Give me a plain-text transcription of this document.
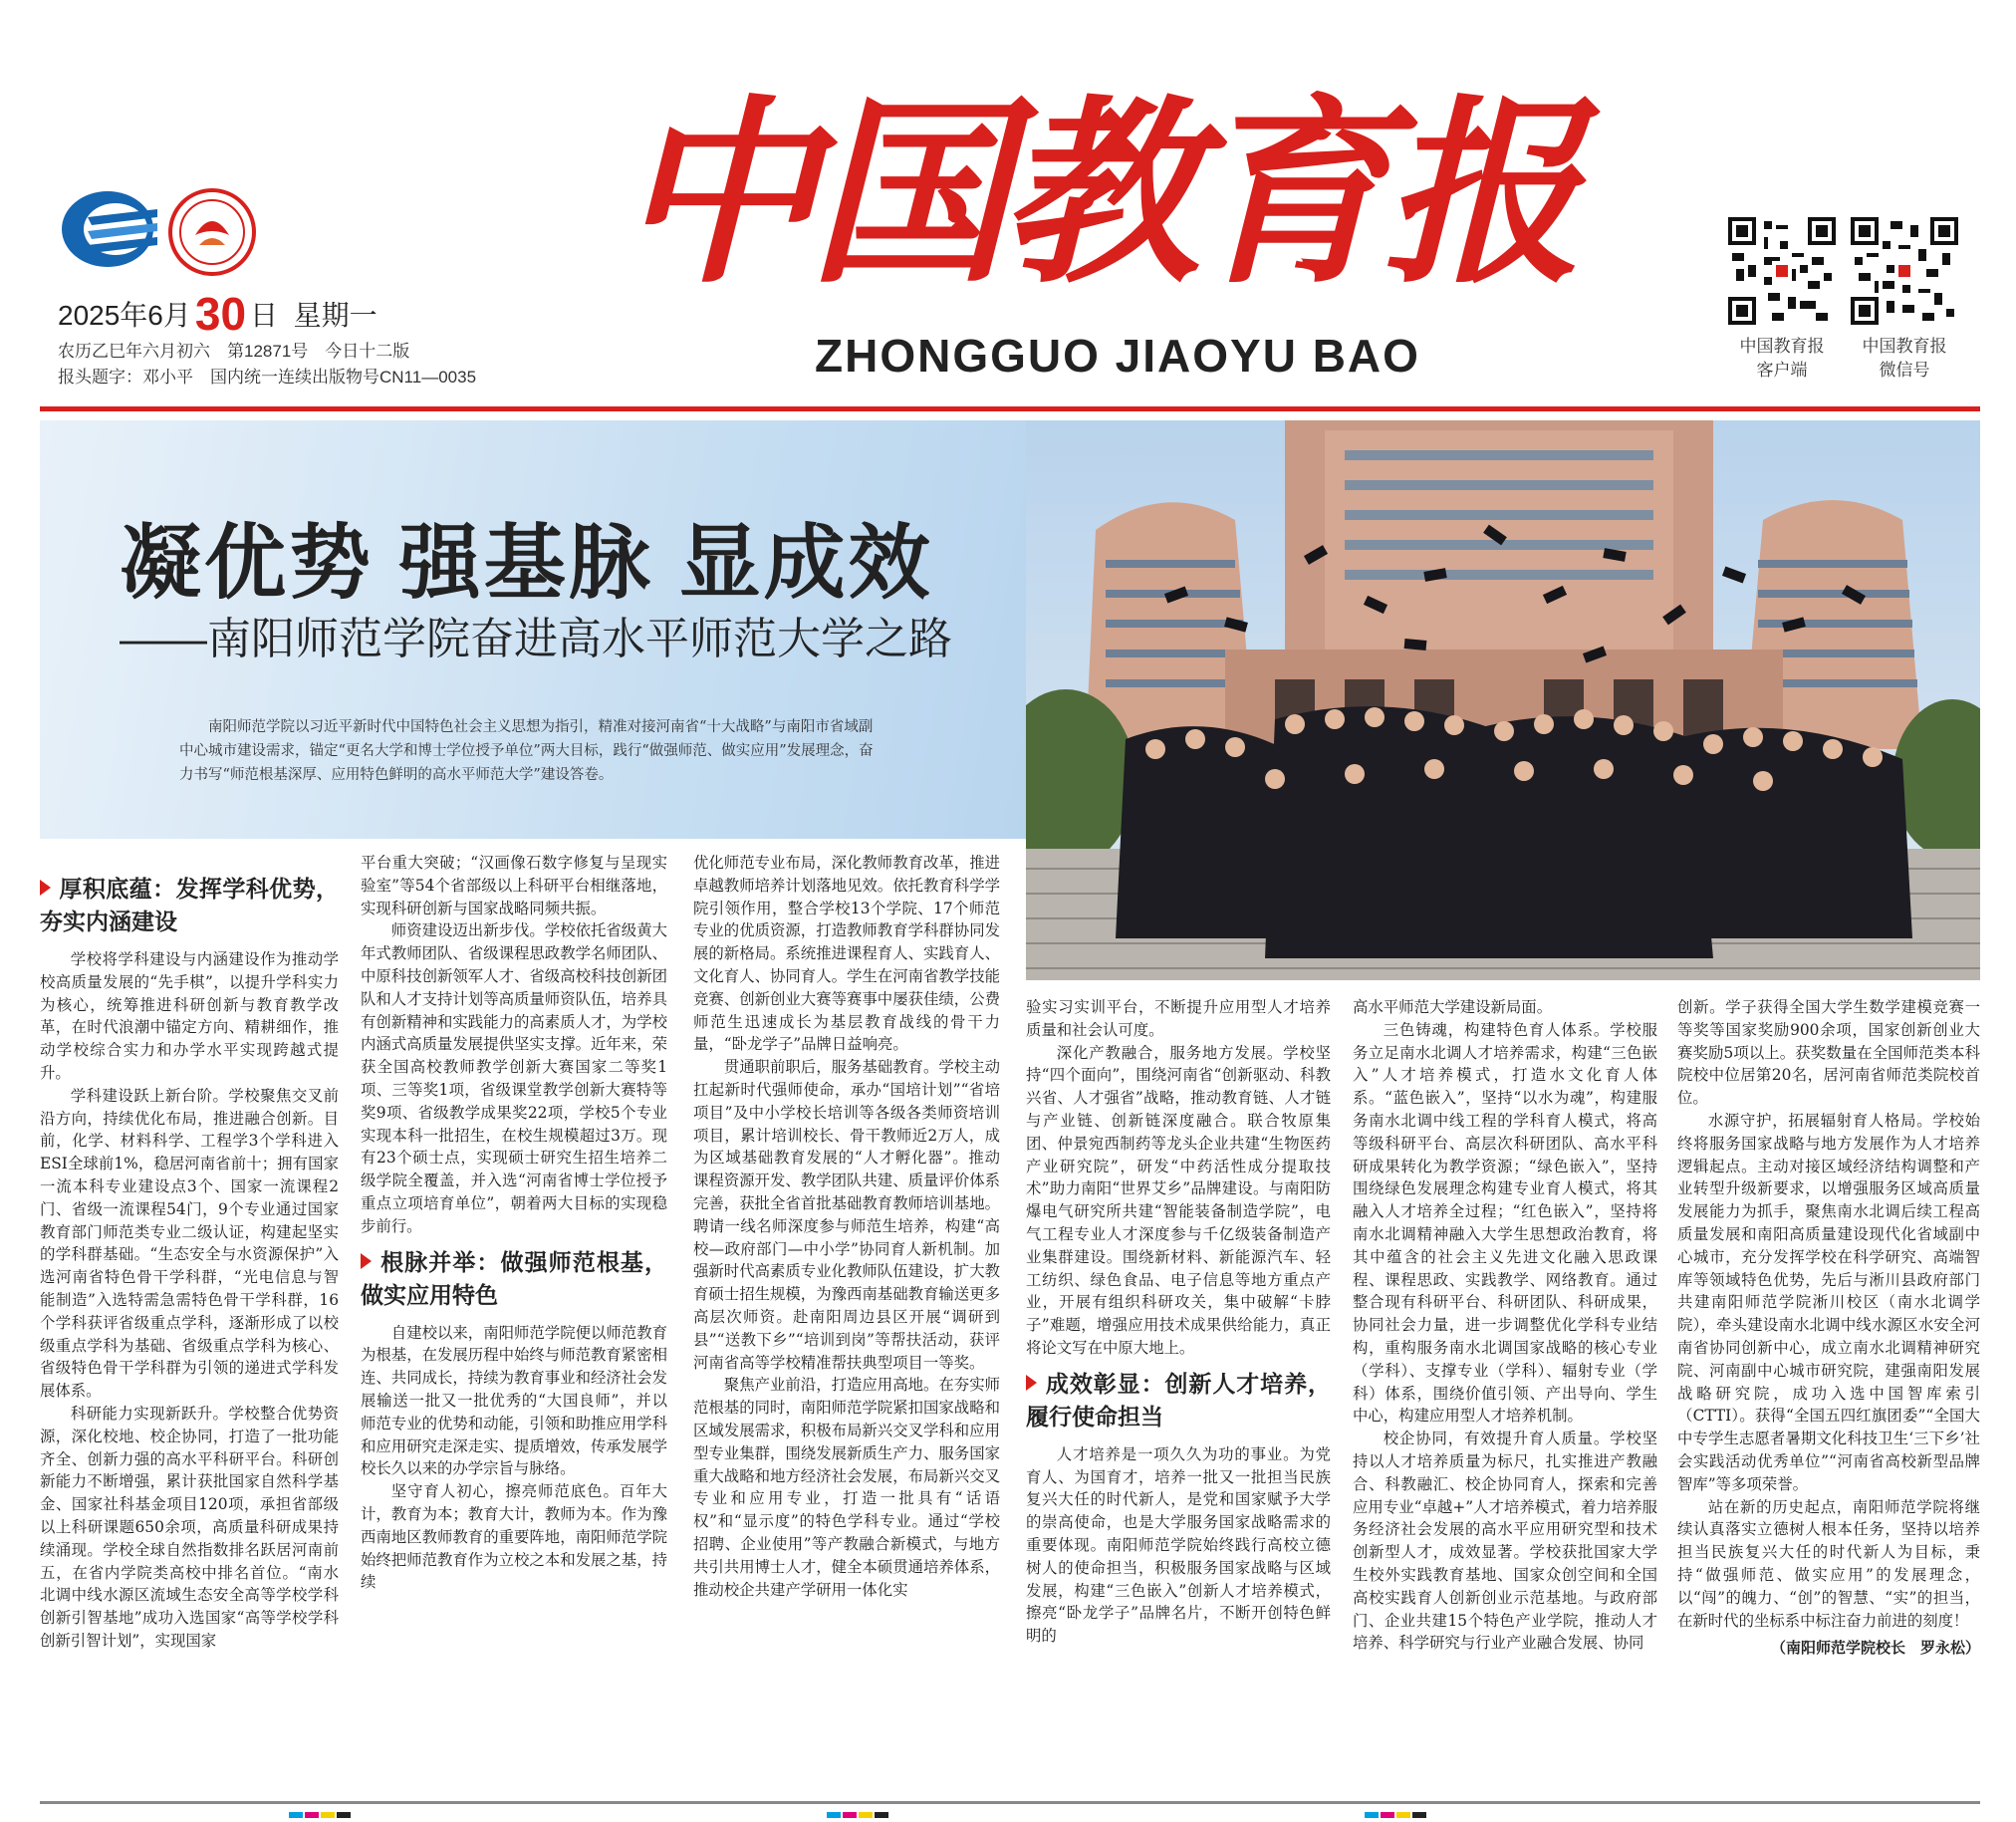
中国教育报
ZHONGGUO JIAOYU BAO
2025年6月30 日 星期一
农历乙巳年六月初六　第12871号　今日十二版
报头题字：邓小平　国内统一连续出版物号CN11—0035
中国教育报
客户端
中国教育报
微信号
凝优势 强基脉 显成效
——南阳师范学院奋进高水平师范大学之路
南阳师范学院以习近平新时代中国特色社会主义思想为指引，精准对接河南省“十大战略”与南阳市省域副中心城市建设需求，锚定“更名大学和博士学位授予单位”两大目标，践行“做强师范、做实应用”发展理念，奋力书写“师范根基深厚、应用特色鲜明的高水平师范大学”建设答卷。
厚积底蕴：发挥学科优势，夯实内涵建设

学校将学科建设与内涵建设作为推动学校高质量发展的“先手棋”，以提升学科实力为核心，统筹推进科研创新与教育教学改革，在时代浪潮中锚定方向、精耕细作，推动学校综合实力和办学水平实现跨越式提升。

学科建设跃上新台阶。学校聚焦交叉前沿方向，持续优化布局，推进融合创新。目前，化学、材料科学、工程学3个学科进入ESI全球前1%，稳居河南省前十；拥有国家一流本科专业建设点3个、国家一流课程2门、省级一流课程54门，9个专业通过国家教育部门师范类专业二级认证，构建起坚实的学科群基础。“生态安全与水资源保护”入选河南省特色骨干学科群，“光电信息与智能制造”入选特需急需特色骨干学科群，16个学科获评省级重点学科，逐渐形成了以校级重点学科为基础、省级重点学科为核心、省级特色骨干学科群为引领的递进式学科发展体系。

科研能力实现新跃升。学校整合优势资源，深化校地、校企协同，打造了一批功能齐全、创新力强的高水平科研平台。科研创新能力不断增强，累计获批国家自然科学基金、国家社科基金项目120项，承担省部级以上科研课题650余项，高质量科研成果持续涌现。学校全球自然指数排名跃居河南前五，在省内学院类高校中排名首位。“南水北调中线水源区流域生态安全高等学校学科创新引智基地”成功入选国家“高等学校学科创新引智计划”，实现国家

平台重大突破；“汉画像石数字修复与呈现实验室”等54个省部级以上科研平台相继落地，实现科研创新与国家战略同频共振。

师资建设迈出新步伐。学校依托省级黄大年式教师团队、省级课程思政教学名师团队、中原科技创新领军人才、省级高校科技创新团队和人才支持计划等高质量师资队伍，培养具有创新精神和实践能力的高素质人才，为学校内涵式高质量发展提供坚实支撑。近年来，荣获全国高校教师教学创新大赛国家二等奖1项、三等奖1项，省级课堂教学创新大赛特等奖9项、省级教学成果奖22项，学校5个专业实现本科一批招生，在校生规模超过3万。现有23个硕士点，实现硕士研究生招生培养二级学院全覆盖，并入选“河南省博士学位授予重点立项培育单位”，朝着两大目标的实现稳步前行。

根脉并举：做强师范根基，做实应用特色

自建校以来，南阳师范学院便以师范教育为根基，在发展历程中始终与师范教育紧密相连、共同成长，持续为教育事业和经济社会发展输送一批又一批优秀的“大国良师”，并以师范专业的优势和动能，引领和助推应用学科和应用研究走深走实、提质增效，传承发展学校长久以来的办学宗旨与脉络。

坚守育人初心，擦亮师范底色。百年大计，教育为本；教育大计，教师为本。作为豫西南地区教师教育的重要阵地，南阳师范学院始终把师范教育作为立校之本和发展之基，持续

优化师范专业布局，深化教师教育改革，推进卓越教师培养计划落地见效。依托教育科学学院引领作用，整合学校13个学院、17个师范专业的优质资源，打造教师教育学科群协同发展的新格局。系统推进课程育人、实践育人、文化育人、协同育人。学生在河南省教学技能竞赛、创新创业大赛等赛事中屡获佳绩，公费师范生迅速成长为基层教育战线的骨干力量，“卧龙学子”品牌日益响亮。

贯通职前职后，服务基础教育。学校主动扛起新时代强师使命，承办“国培计划”“省培项目”及中小学校长培训等各级各类师资培训项目，累计培训校长、骨干教师近2万人，成为区域基础教育发展的“人才孵化器”。推动课程资源开发、教学团队共建、质量评价体系完善，获批全省首批基础教育教师培训基地。聘请一线名师深度参与师范生培养，构建“高校—政府部门—中小学”协同育人新机制。加强新时代高素质专业化教师队伍建设，扩大教育硕士招生规模，为豫西南基础教育输送更多高层次师资。赴南阳周边县区开展“调研到县”“送教下乡”“培训到岗”等帮扶活动，获评河南省高等学校精准帮扶典型项目一等奖。

聚焦产业前沿，打造应用高地。在夯实师范根基的同时，南阳师范学院紧扣国家战略和区域发展需求，积极布局新兴交叉学科和应用型专业集群，围绕发展新质生产力、服务国家重大战略和地方经济社会发展，布局新兴交叉专业和应用专业，打造一批具有“话语权”和“显示度”的特色学科专业。通过“学校招聘、企业使用”等产教融合新模式，与地方共引共用博士人才，健全本硕贯通培养体系，推动校企共建产学研用一体化实

验实习实训平台，不断提升应用型人才培养质量和社会认可度。

深化产教融合，服务地方发展。学校坚持“四个面向”，围绕河南省“创新驱动、科教兴省、人才强省”战略，推动教育链、人才链与产业链、创新链深度融合。联合牧原集团、仲景宛西制药等龙头企业共建“生物医药产业研究院”，研发“中药活性成分提取技术”助力南阳“世界艾乡”品牌建设。与南阳防爆电气研究所共建“智能装备制造学院”，电气工程专业人才深度参与千亿级装备制造产业集群建设。围绕新材料、新能源汽车、轻工纺织、绿色食品、电子信息等地方重点产业，开展有组织科研攻关，集中破解“卡脖子”难题，增强应用技术成果供给能力，真正将论文写在中原大地上。

成效彰显：创新人才培养，履行使命担当

人才培养是一项久久为功的事业。为党育人、为国育才，培养一批又一批担当民族复兴大任的时代新人，是党和国家赋予大学的崇高使命，也是大学服务国家战略需求的重要体现。南阳师范学院始终践行高校立德树人的使命担当，积极服务国家战略与区域发展，构建“三色嵌入”创新人才培养模式，擦亮“卧龙学子”品牌名片，不断开创特色鲜明的

高水平师范大学建设新局面。

三色铸魂，构建特色育人体系。学校服务立足南水北调人才培养需求，构建“三色嵌入”人才培养模式，打造水文化育人体系。“蓝色嵌入”，坚持“以水为魂”，构建服务南水北调中线工程的学科育人模式，将高等级科研平台、高层次科研团队、高水平科研成果转化为教学资源；“绿色嵌入”，坚持围绕绿色发展理念构建专业育人模式，将其融入人才培养全过程；“红色嵌入”，坚持将南水北调精神融入大学生思想政治教育，将其中蕴含的社会主义先进文化融入思政课程、课程思政、实践教学、网络教育。通过整合现有科研平台、科研团队、科研成果，协同社会力量，进一步调整优化学科专业结构，重构服务南水北调国家战略的核心专业（学科）、支撑专业（学科）、辐射专业（学科）体系，围绕价值引领、产出导向、学生中心，构建应用型人才培养机制。

校企协同，有效提升育人质量。学校坚持以人才培养质量为标尺，扎实推进产教融合、科教融汇、校企协同育人，探索和完善应用专业“卓越+”人才培养模式，着力培养服务经济社会发展的高水平应用研究型和技术创新型人才，成效显著。学校获批国家大学生校外实践教育基地、国家众创空间和全国高校实践育人创新创业示范基地。与政府部门、企业共建15个特色产业学院，推动人才培养、科学研究与行业产业融合发展、协同

创新。学子获得全国大学生数学建模竞赛一等奖等国家奖励900余项，国家创新创业大赛奖励5项以上。获奖数量在全国师范类本科院校中位居第20名，居河南省师范类院校首位。

水源守护，拓展辐射育人格局。学校始终将服务国家战略与地方发展作为人才培养逻辑起点。主动对接区域经济结构调整和产业转型升级新要求，以增强服务区域高质量发展能力为抓手，聚焦南水北调后续工程高质量发展和南阳高质量建设现代化省域副中心城市，充分发挥学校在科学研究、高端智库等领域特色优势，先后与淅川县政府部门共建南阳师范学院淅川校区（南水北调学院），牵头建设南水北调中线水源区水安全河南省协同创新中心，成立南水北调精神研究院、河南副中心城市研究院，建强南阳发展战略研究院，成功入选中国智库索引（CTTI）。获得“全国五四红旗团委”“全国大中专学生志愿者暑期文化科技卫生‘三下乡’社会实践活动优秀单位”“河南省高校新型品牌智库”等多项荣誉。

站在新的历史起点，南阳师范学院将继续认真落实立德树人根本任务，坚持以培养担当民族复兴大任的时代新人为目标，秉持“做强师范、做实应用”的发展理念，以“闯”的魄力、“创”的智慧、“实”的担当，在新时代的坐标系中标注奋力前进的刻度！

（南阳师范学院校长　罗永松）
